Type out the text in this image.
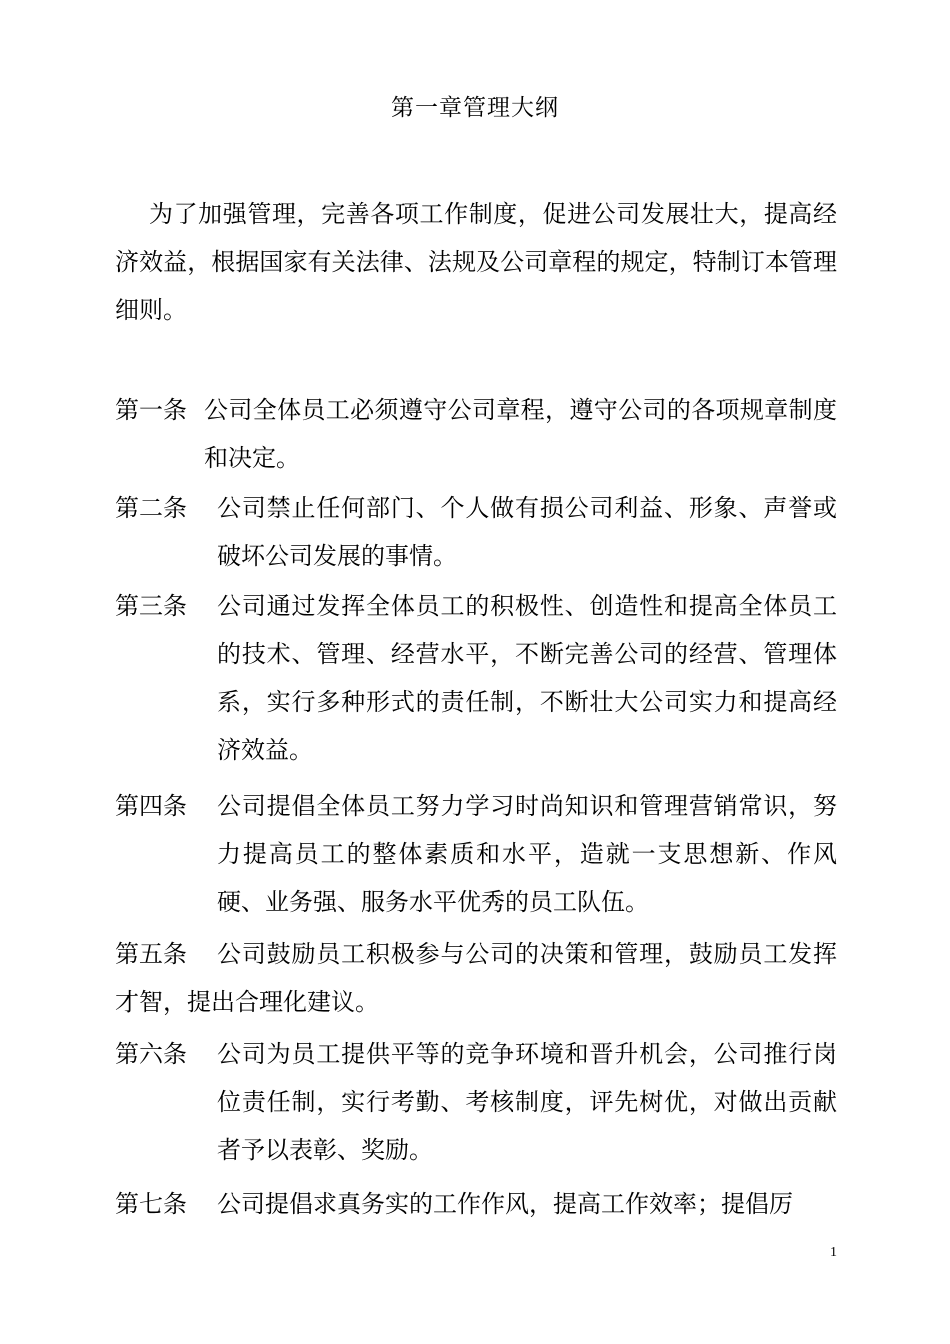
第一章管理大纲
为了加强管理，完善各项工作制度，促进公司发展壮大，提高经济效益，根据国家有关法律、法规及公司章程的规定，特制订本管理细则。
第一条 公司全体员工必须遵守公司章程，遵守公司的各项规章制度和决定。
第二条 公司禁止任何部门、个人做有损公司利益、形象、声誉或破坏公司发展的事情。
第三条 公司通过发挥全体员工的积极性、创造性和提高全体员工的技术、管理、经营水平，不断完善公司的经营、管理体系，实行多种形式的责任制，不断壮大公司实力和提高经济效益。
第四条 公司提倡全体员工努力学习时尚知识和管理营销常识，努力提高员工的整体素质和水平，造就一支思想新、作风硬、业务强、服务水平优秀的员工队伍。
第五条	公司鼓励员工积极参与公司的决策和管理，鼓励员工发挥才智，提出合理化建议。
第六条 公司为员工提供平等的竞争环境和晋升机会，公司推行岗位责任制，实行考勤、考核制度，评先树优，对做出贡献者予以表彰、奖励。
第七条 公司提倡求真务实的工作作风，提高工作效率；提倡厉
1
